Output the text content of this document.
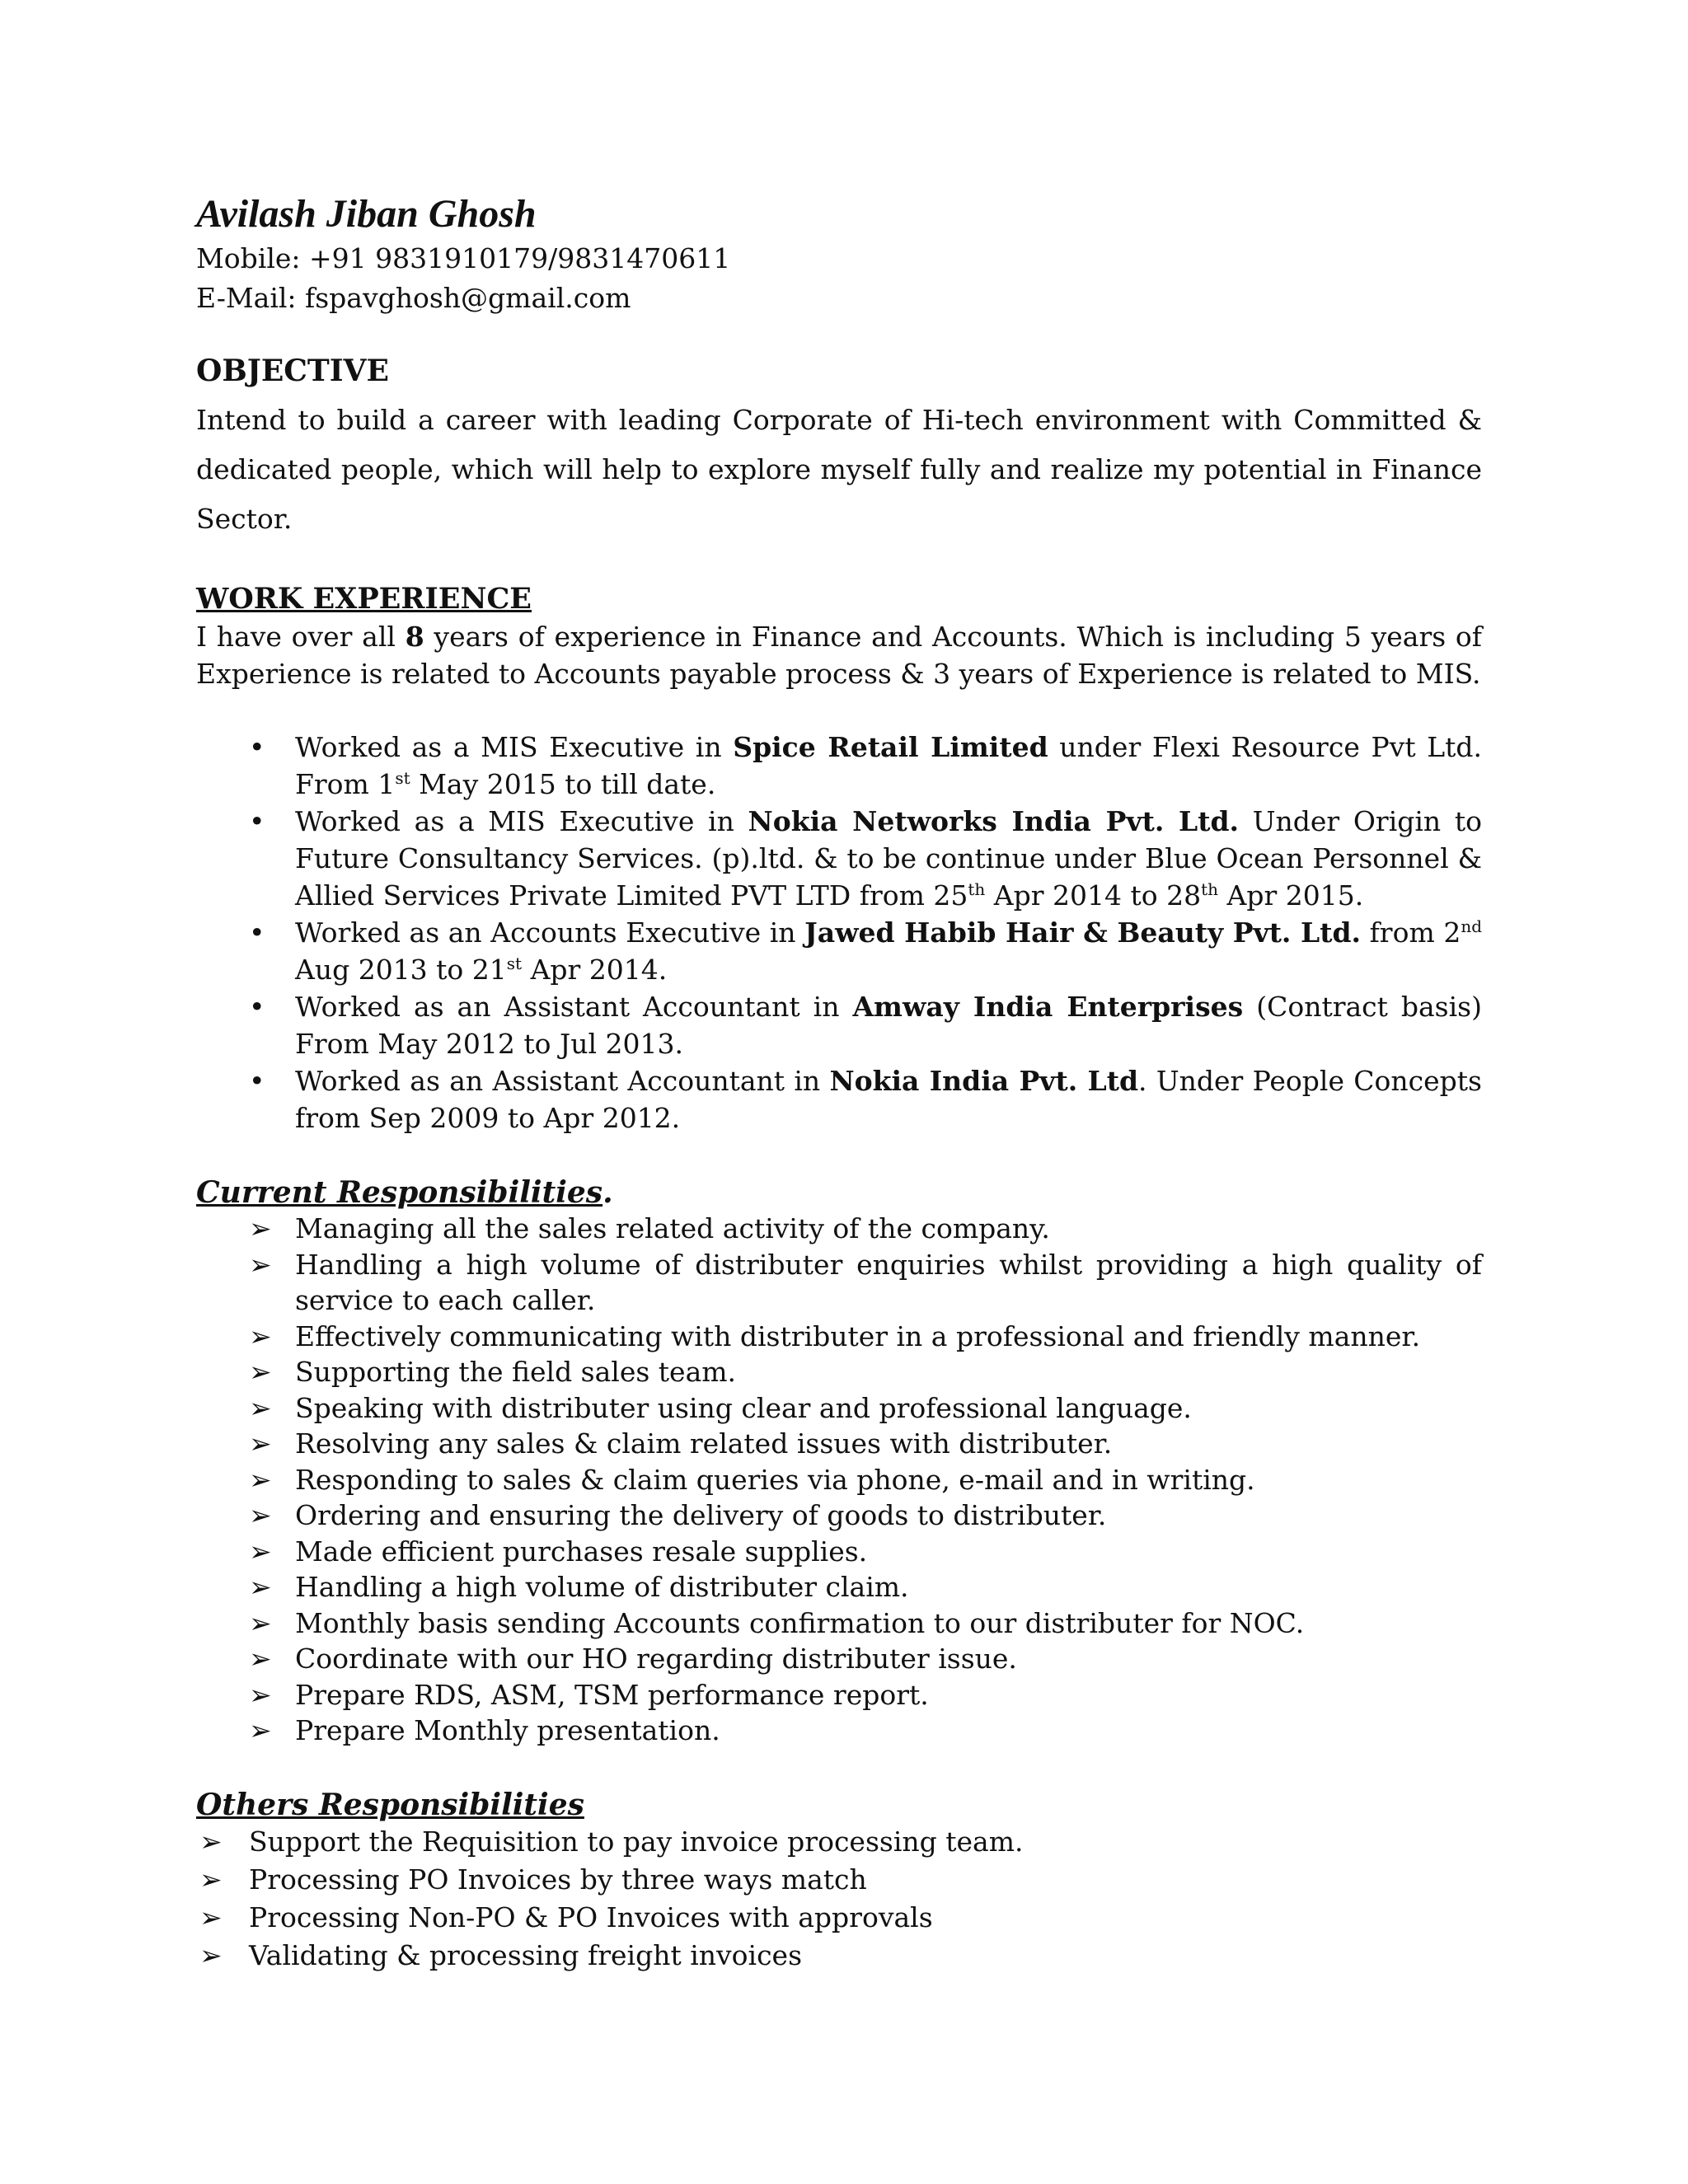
Avilash Jiban Ghosh

Mobile: +91 9831910179/9831470611

E-Mail: fspavghosh@gmail.com

OBJECTIVE

Intend to build a career with leading Corporate of Hi-tech environment with Committed & dedicated people, which will help to explore myself fully and realize my potential in Finance Sector.

WORK EXPERIENCE

I have over all 8 years of experience in Finance and Accounts. Which is including 5 years of Experience is related to Accounts payable process & 3 years of Experience is related to MIS.

• Worked as a MIS Executive in Spice Retail Limited under Flexi Resource Pvt Ltd. From 1st May 2015 to till date.
• Worked as a MIS Executive in Nokia Networks India Pvt. Ltd. Under Origin to Future Consultancy Services. (p).ltd. & to be continue under Blue Ocean Personnel & Allied Services Private Limited PVT LTD from 25th Apr 2014 to 28th Apr 2015.
• Worked as an Accounts Executive in Jawed Habib Hair & Beauty Pvt. Ltd. from 2nd Aug 2013 to 21st Apr 2014.
• Worked as an Assistant Accountant in Amway India Enterprises (Contract basis) From May 2012 to Jul 2013.
• Worked as an Assistant Accountant in Nokia India Pvt. Ltd. Under People Concepts from Sep 2009 to Apr 2012.

Current Responsibilities.

➢ Managing all the sales related activity of the company.
➢ Handling a high volume of distributer enquiries whilst providing a high quality of service to each caller.
➢ Effectively communicating with distributer in a professional and friendly manner.
➢ Supporting the field sales team.
➢ Speaking with distributer using clear and professional language.
➢ Resolving any sales & claim related issues with distributer.
➢ Responding to sales & claim queries via phone, e-mail and in writing.
➢ Ordering and ensuring the delivery of goods to distributer.
➢ Made efficient purchases resale supplies.
➢ Handling a high volume of distributer claim.
➢ Monthly basis sending Accounts confirmation to our distributer for NOC.
➢ Coordinate with our HO regarding distributer issue.
➢ Prepare RDS, ASM, TSM performance report.
➢ Prepare Monthly presentation.

Others Responsibilities

➢ Support the Requisition to pay invoice processing team.
➢ Processing PO Invoices by three ways match
➢ Processing Non-PO & PO Invoices with approvals
➢ Validating & processing freight invoices
